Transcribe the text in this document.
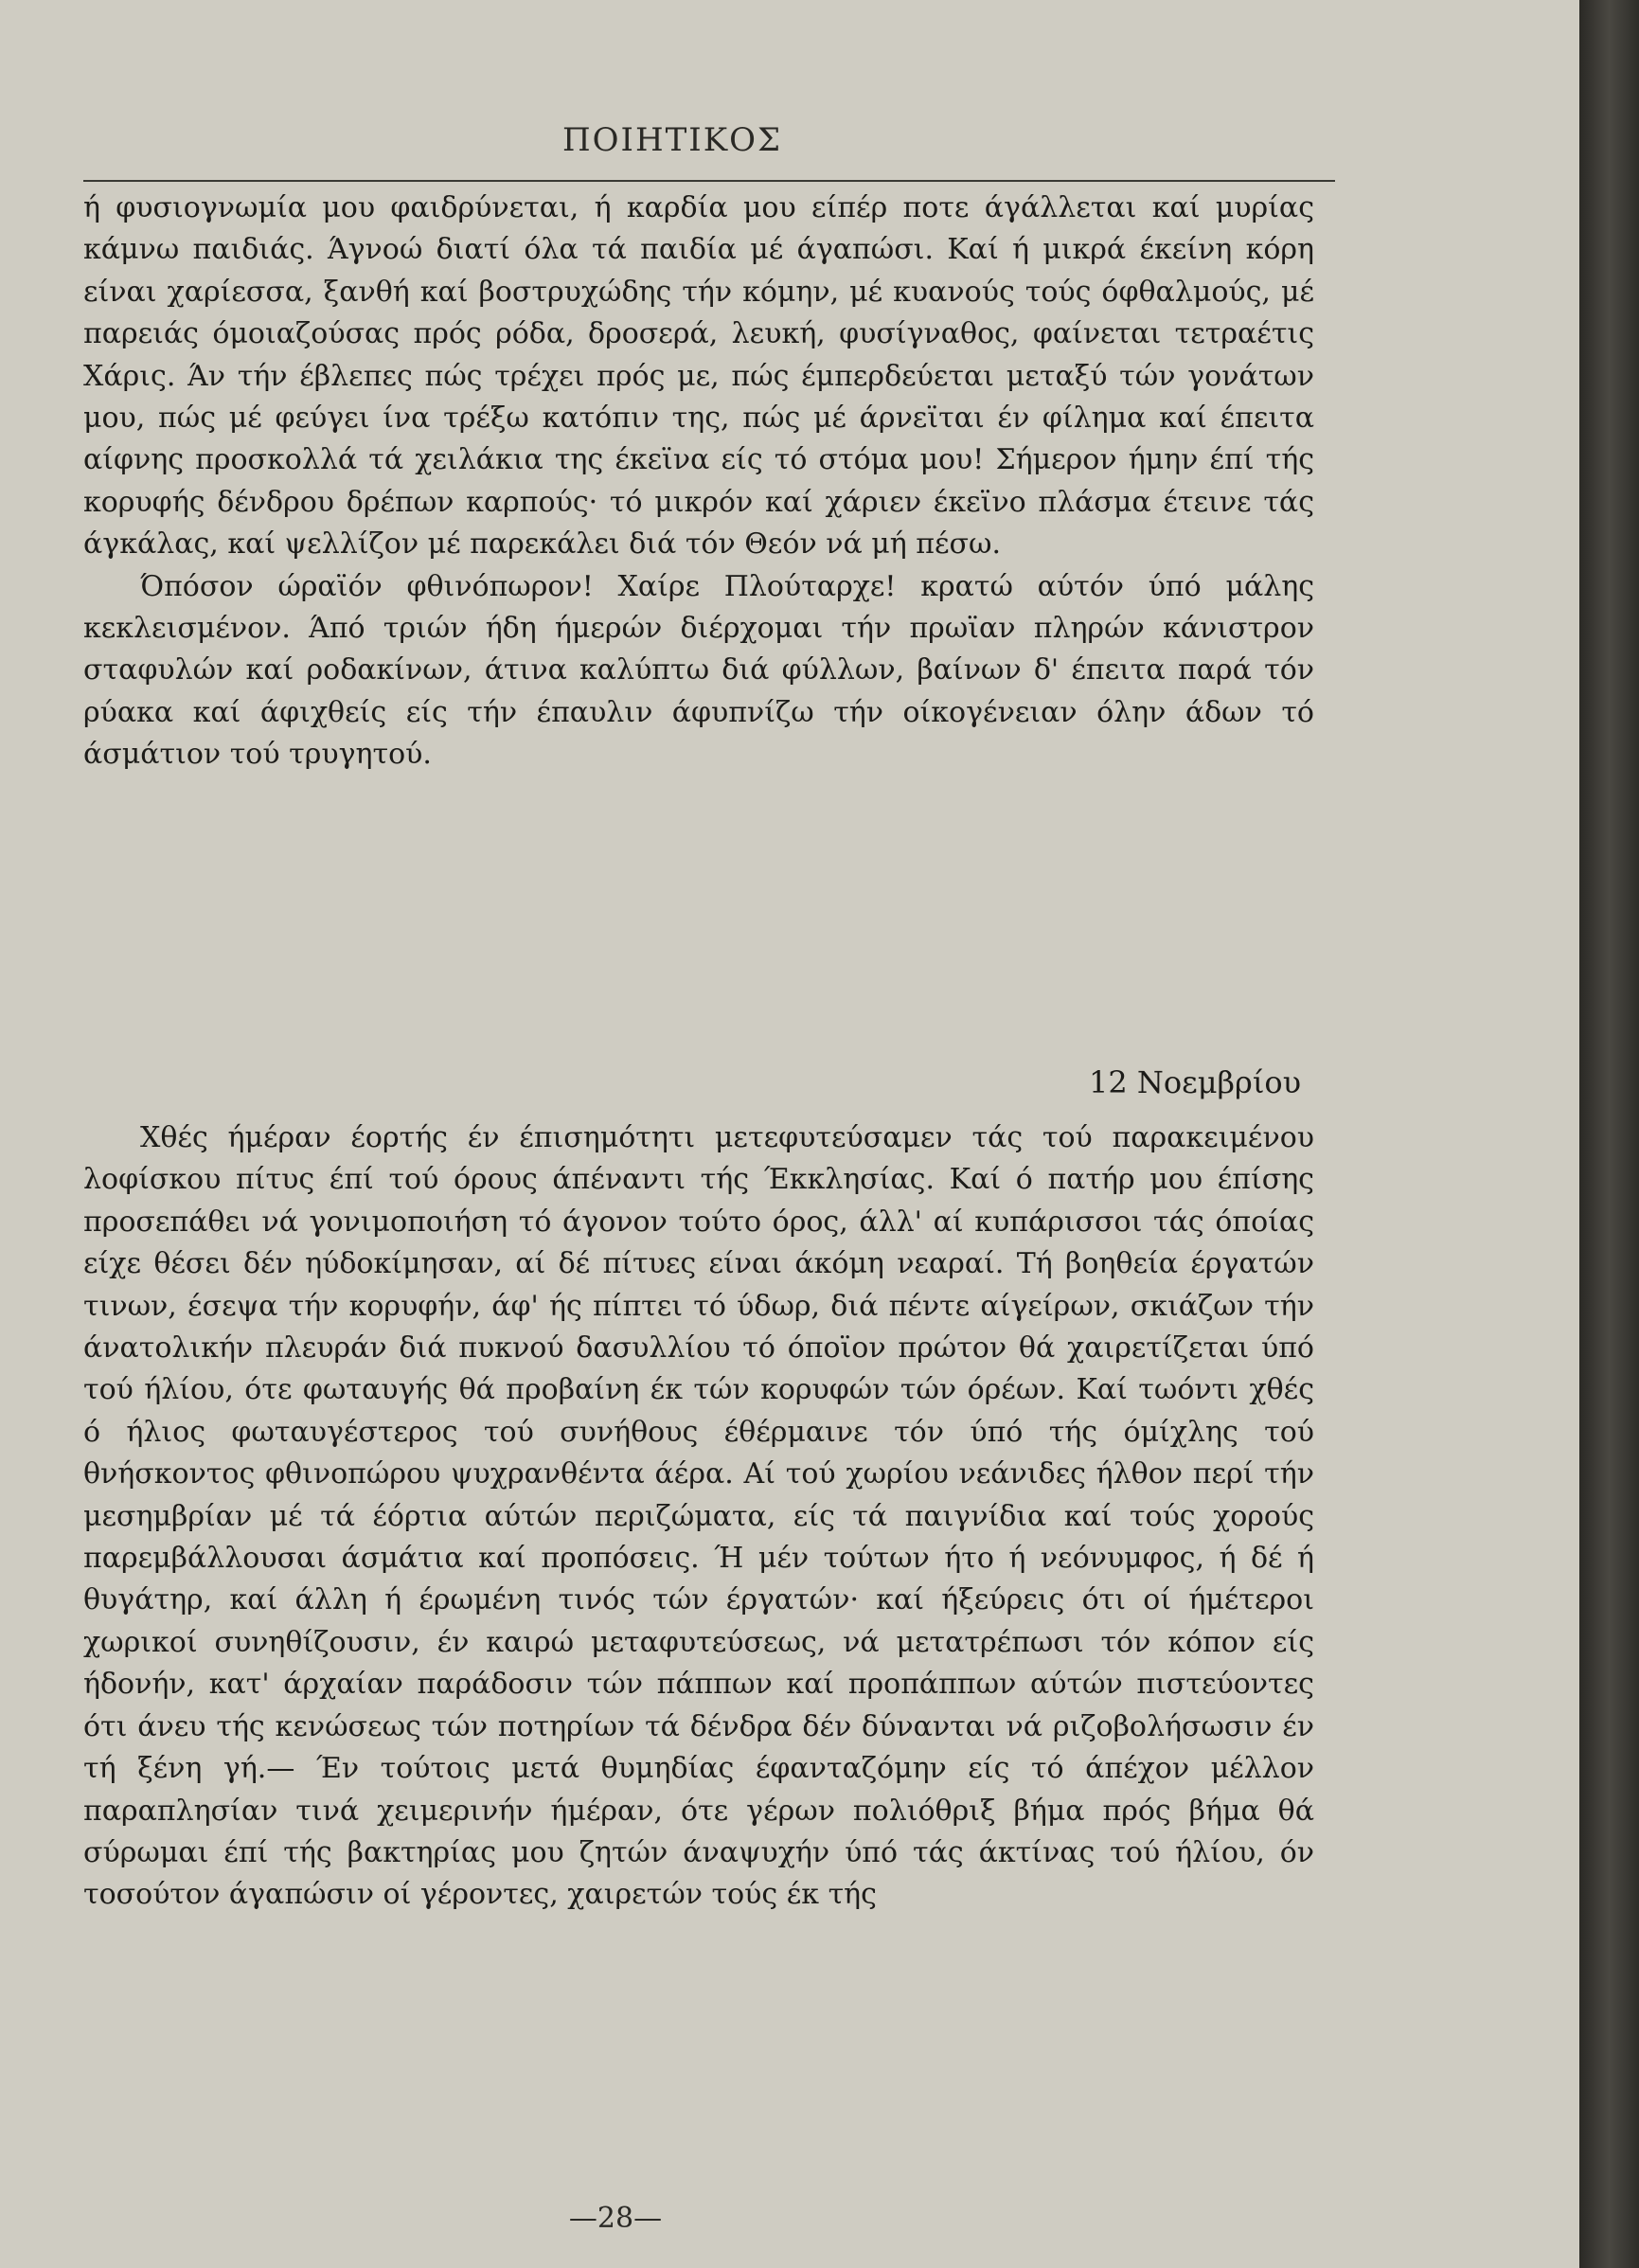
ΠΟΙΗΤΙΚΟΣ

ή φυσιογνωμία μου φαιδρύνεται, ή καρδία μου είπέρ ποτε άγάλλεται καί μυρίας κάμνω παιδιάς. Άγνοώ διατί όλα τά παιδία μέ άγαπώσι. Καί ή μικρά έκείνη κόρη είναι χαρίεσσα, ξανθή καί βοστρυχώδης τήν κόμην, μέ κυανούς τούς όφθαλμούς, μέ παρειάς όμοιαζούσας πρός ρόδα, δροσερά, λευκή, φυσίγναθος, φαίνεται τετραέτις Χάρις. Άν τήν έβλεπες πώς τρέχει πρός με, πώς έμπερδεύεται μεταξύ τών γονάτων μου, πώς μέ φεύγει ίνα τρέξω κατόπιν της, πώς μέ άρνεϊται έν φίλημα καί έπειτα αίφνης προσκολλά τά χειλάκια της έκεϊνα είς τό στόμα μου! Σήμερον ήμην έπί τής κορυφής δένδρου δρέπων καρπούς· τό μικρόν καί χάριεν έκεϊνο πλάσμα έτεινε τάς άγκάλας, καί ψελλίζον μέ παρεκάλει διά τόν Θεόν νά μή πέσω.

Όπόσον ώραϊόν φθινόπωρον! Χαίρε Πλούταρχε! κρατώ αύτόν ύπό μάλης κεκλεισμένον. Άπό τριών ήδη ήμερών διέρχομαι τήν πρωϊαν πληρών κάνιστρον σταφυλών καί ροδακίνων, άτινα καλύπτω διά φύλλων, βαίνων δ' έπειτα παρά τόν ρύακα καί άφιχθείς είς τήν έπαυλιν άφυπνίζω τήν οίκογένειαν όλην άδων τό άσμάτιον τού τρυγητού.

12 Νοεμβρίου

Χθές ήμέραν έορτής έν έπισημότητι μετεφυτεύσαμεν τάς τού παρακειμένου λοφίσκου πίτυς έπί τού όρους άπέναντι τής Έκκλησίας. Καί ό πατήρ μου έπίσης προσεπάθει νά γονιμοποιήση τό άγονον τούτο όρος, άλλ' αί κυπάρισσοι τάς όποίας είχε θέσει δέν ηύδοκίμησαν, αί δέ πίτυες είναι άκόμη νεαραί. Τή βοηθεία έργατών τινων, έσεψα τήν κορυφήν, άφ' ής πίπτει τό ύδωρ, διά πέντε αίγείρων, σκιάζων τήν άνατολικήν πλευράν διά πυκνού δασυλλίου τό όποϊον πρώτον θά χαιρετίζεται ύπό τού ήλίου, ότε φωταυγής θά προβαίνη έκ τών κορυφών τών όρέων. Καί τωόντι χθές ό ήλιος φωταυγέστερος τού συνήθους έθέρμαινε τόν ύπό τής όμίχλης τού θνήσκοντος φθινοπώρου ψυχρανθέντα άέρα. Αί τού χωρίου νεάνιδες ήλθον περί τήν μεσημβρίαν μέ τά έόρτια αύτών περιζώματα, είς τά παιγνίδια καί τούς χορούς παρεμβάλλουσαι άσμάτια καί προπόσεις. Ή μέν τούτων ήτο ή νεόνυμφος, ή δέ ή θυγάτηρ, καί άλλη ή έρωμένη τινός τών έργατών· καί ήξεύρεις ότι οί ήμέτεροι χωρικοί συνηθίζουσιν, έν καιρώ μεταφυτεύσεως, νά μετατρέπωσι τόν κόπον είς ήδονήν, κατ' άρχαίαν παράδοσιν τών πάππων καί προπάππων αύτών πιστεύοντες ότι άνευ τής κενώσεως τών ποτηρίων τά δένδρα δέν δύνανται νά ριζοβολήσωσιν έν τή ξένη γή.— Έν τούτοις μετά θυμηδίας έφανταζόμην είς τό άπέχον μέλλον παραπλησίαν τινά χειμερινήν ήμέραν, ότε γέρων πολιόθριξ βήμα πρός βήμα θά σύρωμαι έπί τής βακτηρίας μου ζητών άναψυχήν ύπό τάς άκτίνας τού ήλίου, όν τοσούτον άγαπώσιν οί γέροντες, χαιρετών τούς έκ τής

—28—
